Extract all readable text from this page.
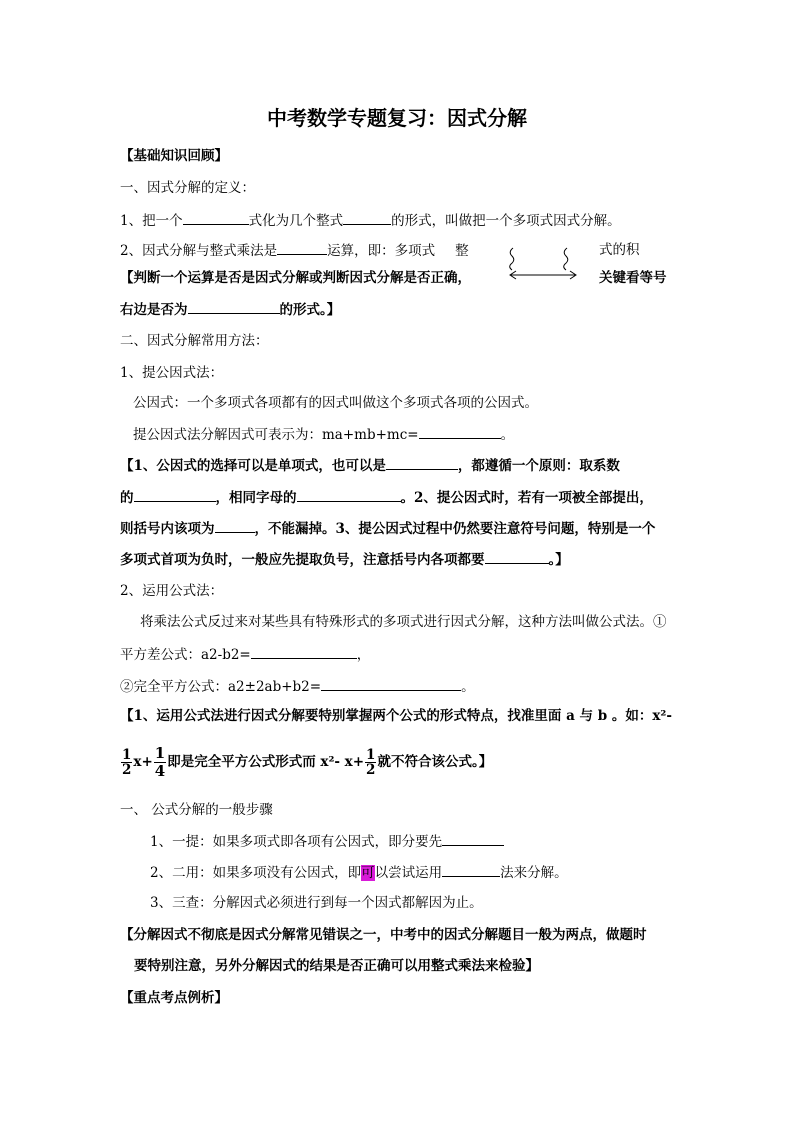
中考数学专题复习：因式分解
【基础知识回顾】
一、因式分解的定义：
1、把一个	式化为几个整式	的形式，叫做把一个多项式因式分解。
2、因式分解与整式乘法是	运算，即：多项式 整	式的积
【判断一个运算是否是因式分解或判断因式分解是否正确，	关键看等号
右边是否为	的形式。】
二、因式分解常用方法：
1、提公因式法：
公因式：一个多项式各项都有的因式叫做这个多项式各项的公因式。
提公因式法分解因式可表示为：ma+mb+mc=	。
【1、公因式的选择可以是单项式，也可以是	，都遵循一个原则：取系数
的	，相同字母的	。2、提公因式时，若有一项被全部提出，
则括号内该项为	，不能漏掉。3、提公因式过程中仍然要注意符号问题，特别是一个
多项式首项为负时，一般应先提取负号，注意括号内各项都要	。】
2、运用公式法：
将乘法公式反过来对某些具有特殊形式的多项式进行因式分解，这种方法叫做公式法。①
平方差公式：a2-b2=	，
②完全平方公式：a2±2ab+b2=	。
【1、运用公式法进行因式分解要特别掌握两个公式的形式特点，找准里面 a 与 b 。如：x²-
$\frac{1}{2} x+ \frac{1}{4}$ 即是完全平方公式形式而 x²- $x+ \frac{1}{2}$ 就不符合该公式。】
一、 公式分解的一般步骤
1、一提：如果多项式即各项有公因式，即分要先
2、二用：如果多项没有公因式，即可以尝试运用	法来分解。
3、三查：分解因式必须进行到每一个因式都解因为止。
【分解因式不彻底是因式分解常见错误之一，中考中的因式分解题目一般为两点，做题时
要特别注意，另外分解因式的结果是否正确可以用整式乘法来检验】
【重点考点例析】
